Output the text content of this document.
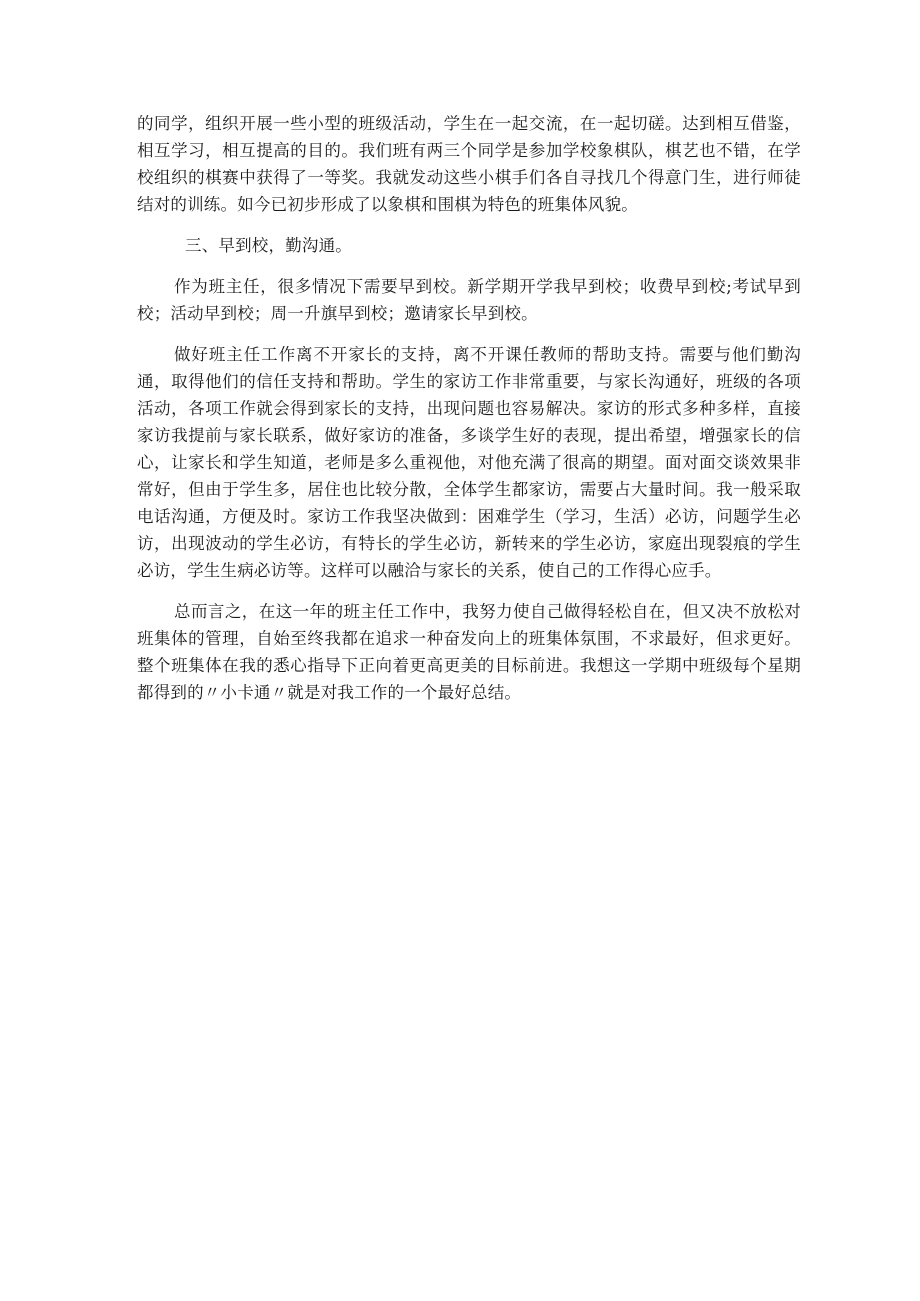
的同学，组织开展一些小型的班级活动，学生在一起交流，在一起切磋。达到相互借鉴，相互学习，相互提高的目的。我们班有两三个同学是参加学校象棋队，棋艺也不错，在学校组织的棋赛中获得了一等奖。我就发动这些小棋手们各自寻找几个得意门生，进行师徒结对的训练。如今已初步形成了以象棋和围棋为特色的班集体风貌。

三、早到校，勤沟通。

作为班主任，很多情况下需要早到校。新学期开学我早到校；收费早到校;考试早到校；活动早到校；周一升旗早到校；邀请家长早到校。

做好班主任工作离不开家长的支持，离不开课任教师的帮助支持。需要与他们勤沟通，取得他们的信任支持和帮助。学生的家访工作非常重要，与家长沟通好，班级的各项活动，各项工作就会得到家长的支持，出现问题也容易解决。家访的形式多种多样，直接家访我提前与家长联系，做好家访的准备，多谈学生好的表现，提出希望，增强家长的信心，让家长和学生知道，老师是多么重视他，对他充满了很高的期望。面对面交谈效果非常好，但由于学生多，居住也比较分散，全体学生都家访，需要占大量时间。我一般采取电话沟通，方便及时。家访工作我坚决做到：困难学生（学习，生活）必访，问题学生必访，出现波动的学生必访，有特长的学生必访，新转来的学生必访，家庭出现裂痕的学生必访，学生生病必访等。这样可以融洽与家长的关系，使自己的工作得心应手。

总而言之，在这一年的班主任工作中，我努力使自己做得轻松自在，但又决不放松对班集体的管理，自始至终我都在追求一种奋发向上的班集体氛围，不求最好，但求更好。整个班集体在我的悉心指导下正向着更高更美的目标前进。我想这一学期中班级每个星期都得到的〃小卡通〃就是对我工作的一个最好总结。
